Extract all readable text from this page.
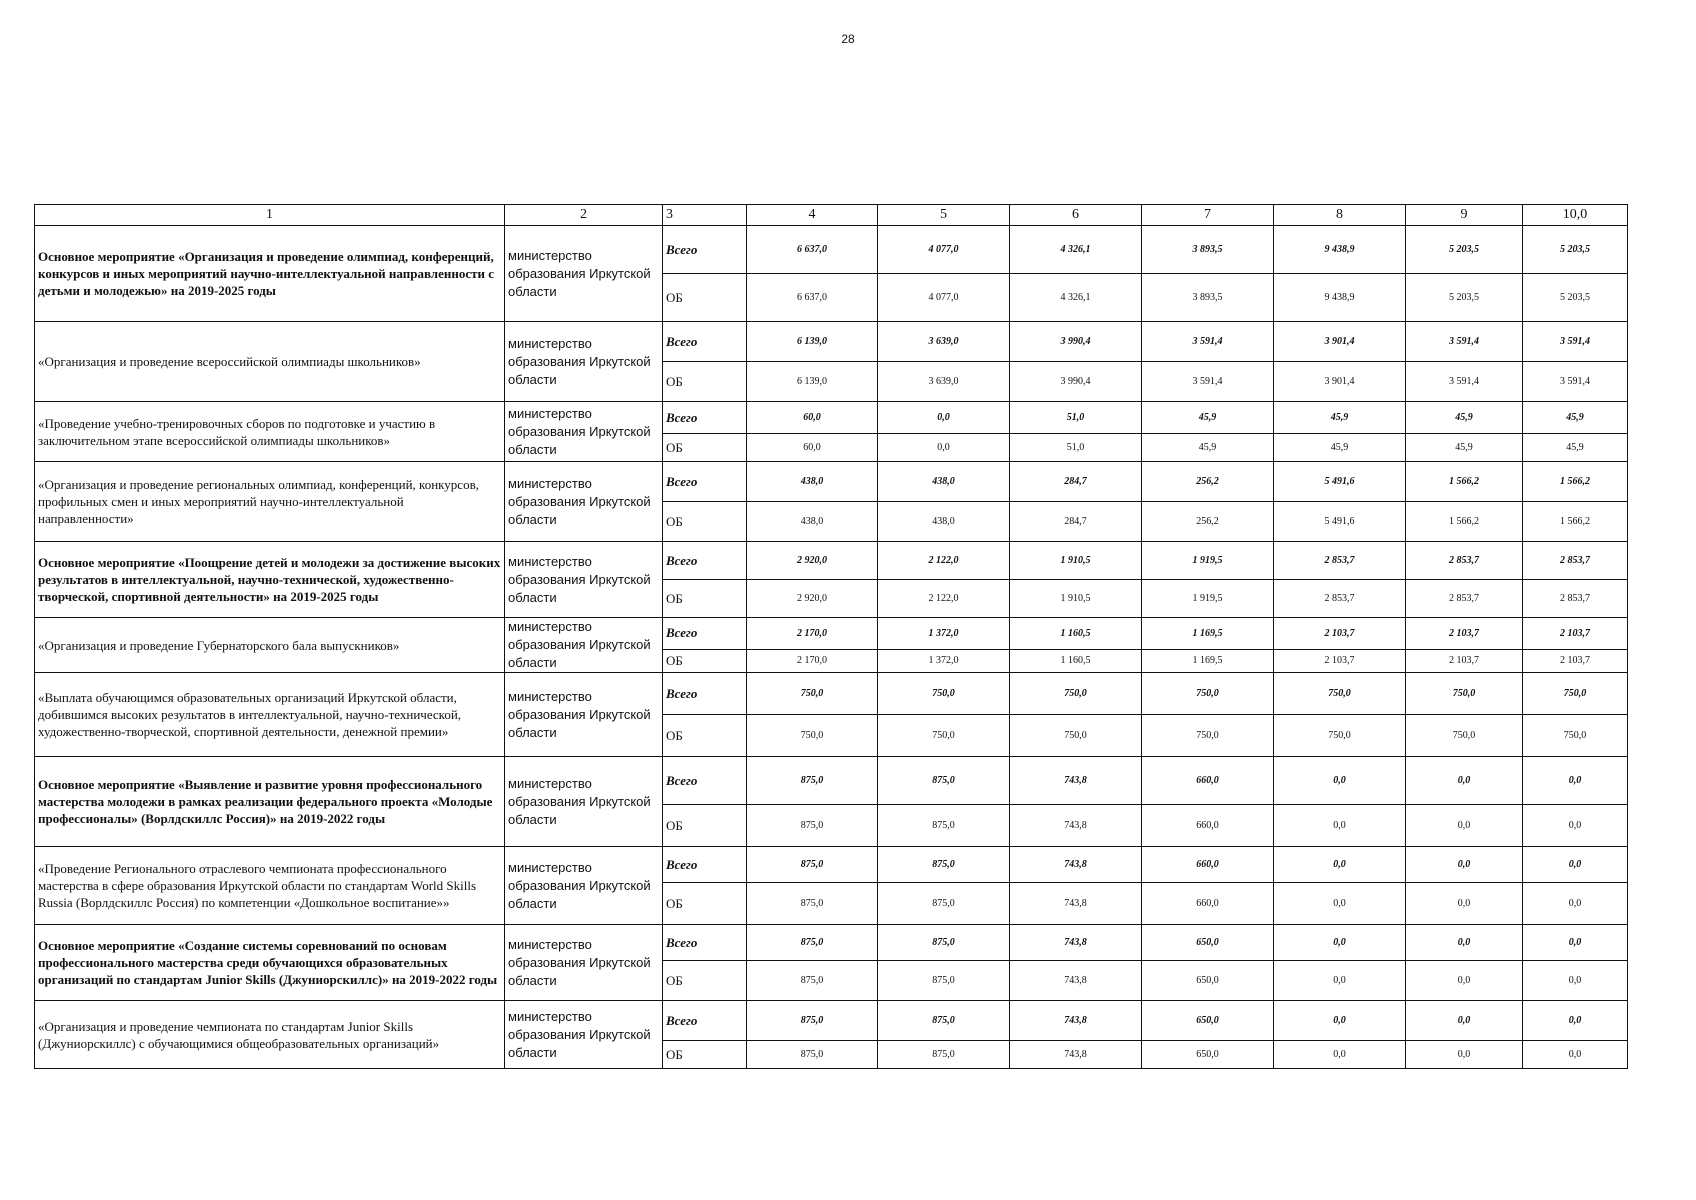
28
1	2	3	4	5	6	7	8	9	10,0
Основное мероприятие «Организация и проведение олимпиад, конференций, конкурсов и иных мероприятий научно-интеллектуальной направленности с детьми и молодежью» на 2019-2025 годы	министерство образования Иркутской области	Всего	6 637,0	4 077,0	4 326,1	3 893,5	9 438,9	5 203,5	5 203,5
		ОБ	6 637,0	4 077,0	4 326,1	3 893,5	9 438,9	5 203,5	5 203,5
«Организация и проведение всероссийской олимпиады школьников»	министерство образования Иркутской области	Всего	6 139,0	3 639,0	3 990,4	3 591,4	3 901,4	3 591,4	3 591,4
		ОБ	6 139,0	3 639,0	3 990,4	3 591,4	3 901,4	3 591,4	3 591,4
«Проведение учебно-тренировочных сборов по подготовке и участию в заключительном этапе всероссийской олимпиады школьников»	министерство образования Иркутской области	Всего	60,0	0,0	51,0	45,9	45,9	45,9	45,9
		ОБ	60,0	0,0	51,0	45,9	45,9	45,9	45,9
«Организация и проведение региональных олимпиад, конференций, конкурсов, профильных смен и иных мероприятий научно-интеллектуальной направленности»	министерство образования Иркутской области	Всего	438,0	438,0	284,7	256,2	5 491,6	1 566,2	1 566,2
		ОБ	438,0	438,0	284,7	256,2	5 491,6	1 566,2	1 566,2
Основное мероприятие «Поощрение детей и молодежи за достижение высоких результатов в интеллектуальной, научно-технической, художественно-творческой, спортивной деятельности» на 2019-2025 годы	министерство образования Иркутской области	Всего	2 920,0	2 122,0	1 910,5	1 919,5	2 853,7	2 853,7	2 853,7
		ОБ	2 920,0	2 122,0	1 910,5	1 919,5	2 853,7	2 853,7	2 853,7
«Организация и проведение Губернаторского бала выпускников»	министерство образования Иркутской области	Всего	2 170,0	1 372,0	1 160,5	1 169,5	2 103,7	2 103,7	2 103,7
		ОБ	2 170,0	1 372,0	1 160,5	1 169,5	2 103,7	2 103,7	2 103,7
«Выплата обучающимся образовательных организаций Иркутской области, добившимся высоких результатов в интеллектуальной, научно-технической, художественно-творческой, спортивной деятельности, денежной премии»	министерство образования Иркутской области	Всего	750,0	750,0	750,0	750,0	750,0	750,0	750,0
		ОБ	750,0	750,0	750,0	750,0	750,0	750,0	750,0
Основное мероприятие «Выявление и развитие уровня профессионального мастерства молодежи в рамках реализации федерального проекта «Молодые профессионалы» (Ворлдскиллс Россия)» на 2019-2022 годы	министерство образования Иркутской области	Всего	875,0	875,0	743,8	660,0	0,0	0,0	0,0
		ОБ	875,0	875,0	743,8	660,0	0,0	0,0	0,0
«Проведение Регионального отраслевого чемпионата профессионального мастерства в сфере образования Иркутской области по стандартам World Skills Russia (Ворлдскиллс Россия) по компетенции «Дошкольное воспитание»»	министерство образования Иркутской области	Всего	875,0	875,0	743,8	660,0	0,0	0,0	0,0
		ОБ	875,0	875,0	743,8	660,0	0,0	0,0	0,0
Основное мероприятие «Создание системы соревнований по основам профессионального мастерства среди обучающихся образовательных организаций по стандартам Junior Skills (Джуниорскиллс)» на 2019-2022 годы	министерство образования Иркутской области	Всего	875,0	875,0	743,8	650,0	0,0	0,0	0,0
		ОБ	875,0	875,0	743,8	650,0	0,0	0,0	0,0
«Организация и проведение чемпионата по стандартам Junior Skills (Джуниорскиллс) с обучающимися общеобразовательных организаций»	министерство образования Иркутской области	Всего	875,0	875,0	743,8	650,0	0,0	0,0	0,0
		ОБ	875,0	875,0	743,8	650,0	0,0	0,0	0,0
